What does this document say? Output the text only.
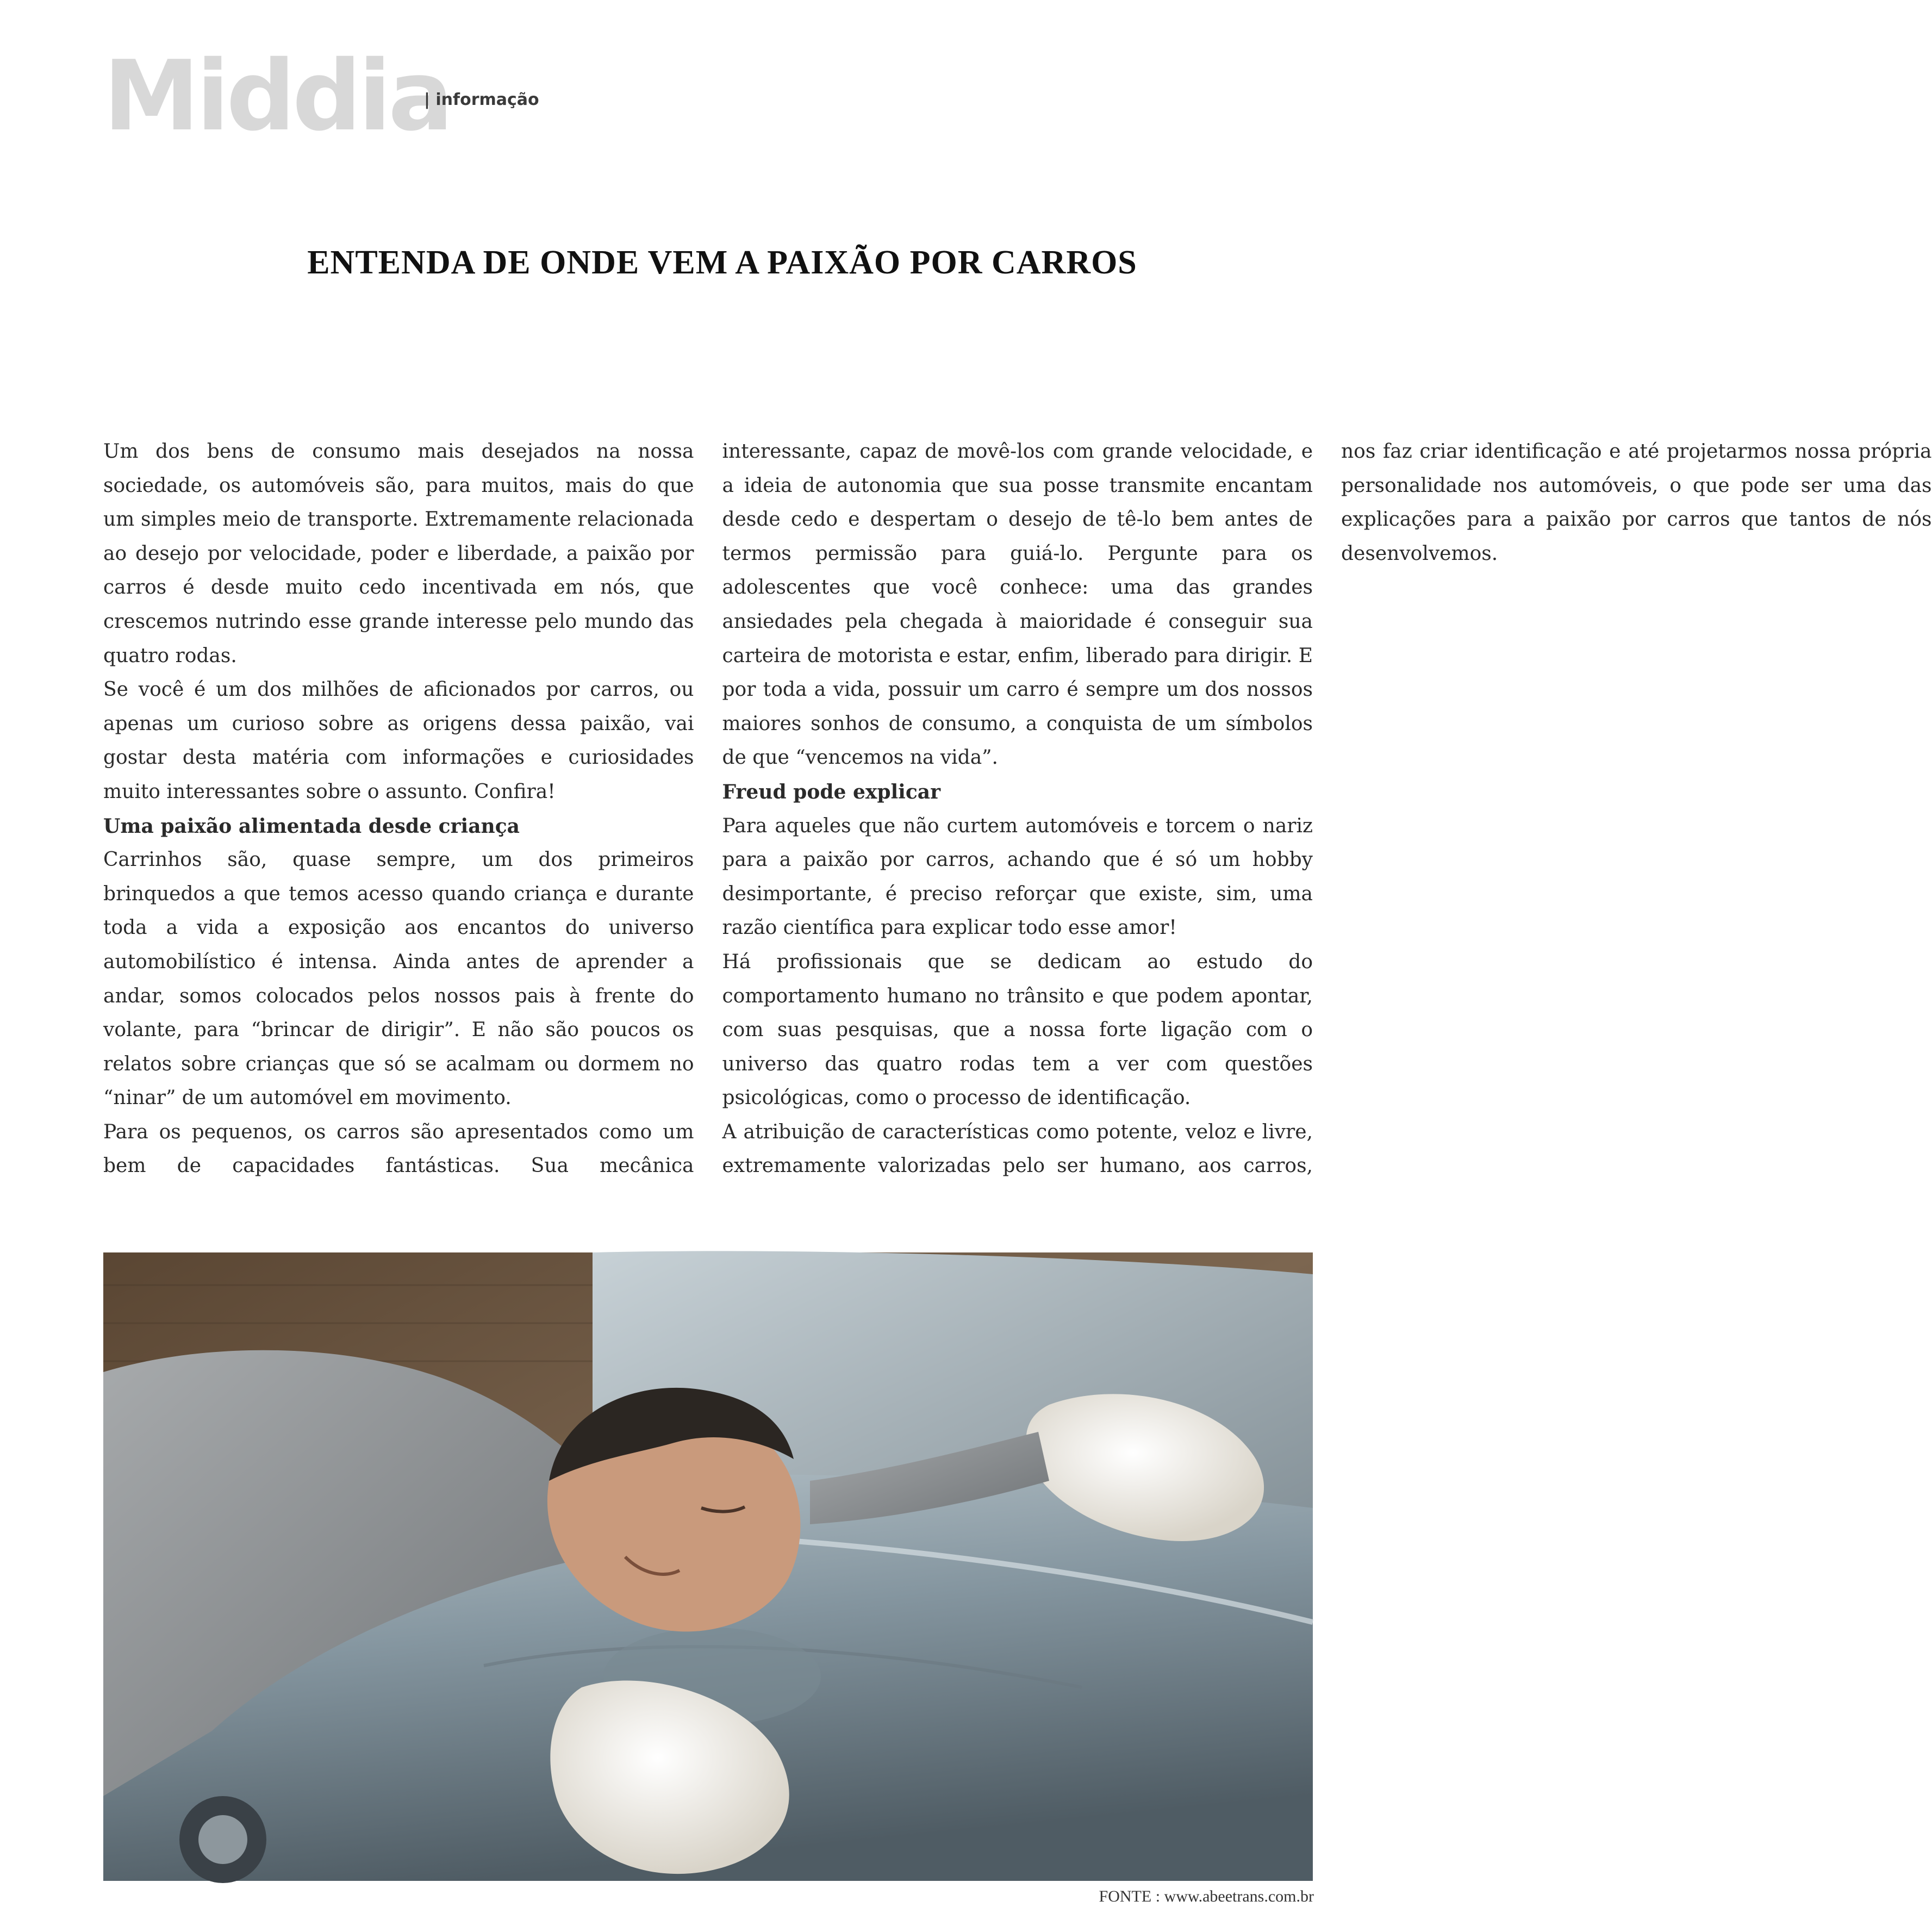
Middia
| informação
ENTENDA DE ONDE VEM A PAIXÃO POR CARROS

Um dos bens de consumo mais desejados na nossa sociedade, os automóveis são, para muitos, mais do que um simples meio de transporte. Extremamente relacionada ao desejo por velocidade, poder e liberdade, a paixão por carros é desde muito cedo incentivada em nós, que crescemos nutrindo esse grande interesse pelo mundo das quatro rodas.

Se você é um dos milhões de aficionados por carros, ou apenas um curioso sobre as origens dessa paixão, vai gostar desta matéria com informações e curiosidades muito interessantes sobre o assunto. Confira!

Uma paixão alimentada desde criança

Carrinhos são, quase sempre, um dos primeiros brinquedos a que temos acesso quando criança e durante toda a vida a exposição aos encantos do universo automobilístico é intensa. Ainda antes de aprender a andar, somos colocados pelos nossos pais à frente do volante, para “brincar de dirigir”. E não são poucos os relatos sobre crianças que só se acalmam ou dormem no “ninar” de um automóvel em movimento.

Para os pequenos, os carros são apresentados como um bem de capacidades fantásticas. Sua mecânica interessante, capaz de movê-los com grande velocidade, e a ideia de autonomia que sua posse transmite encantam desde cedo e despertam o desejo de tê-lo bem antes de termos permissão para guiá-lo. Pergunte para os adolescentes que você conhece: uma das grandes ansiedades pela chegada à maioridade é conseguir sua carteira de motorista e estar, enfim, liberado para dirigir. E por toda a vida, possuir um carro é sempre um dos nossos maiores sonhos de consumo, a conquista de um símbolos de que “vencemos na vida”.

Freud pode explicar

Para aqueles que não curtem automóveis e torcem o nariz para a paixão por carros, achando que é só um hobby desimportante, é preciso reforçar que existe, sim, uma razão científica para explicar todo esse amor!

Há profissionais que se dedicam ao estudo do comportamento humano no trânsito e que podem apontar, com suas pesquisas, que a nossa forte ligação com o universo das quatro rodas tem a ver com questões psicológicas, como o processo de identificação.

A atribuição de características como potente, veloz e livre, extremamente valorizadas pelo ser humano, aos carros, nos faz criar identificação e até projetarmos nossa própria personalidade nos automóveis, o que pode ser uma das explicações para a paixão por carros que tantos de nós desenvolvemos.

FONTE : www.abeetrans.com.br
